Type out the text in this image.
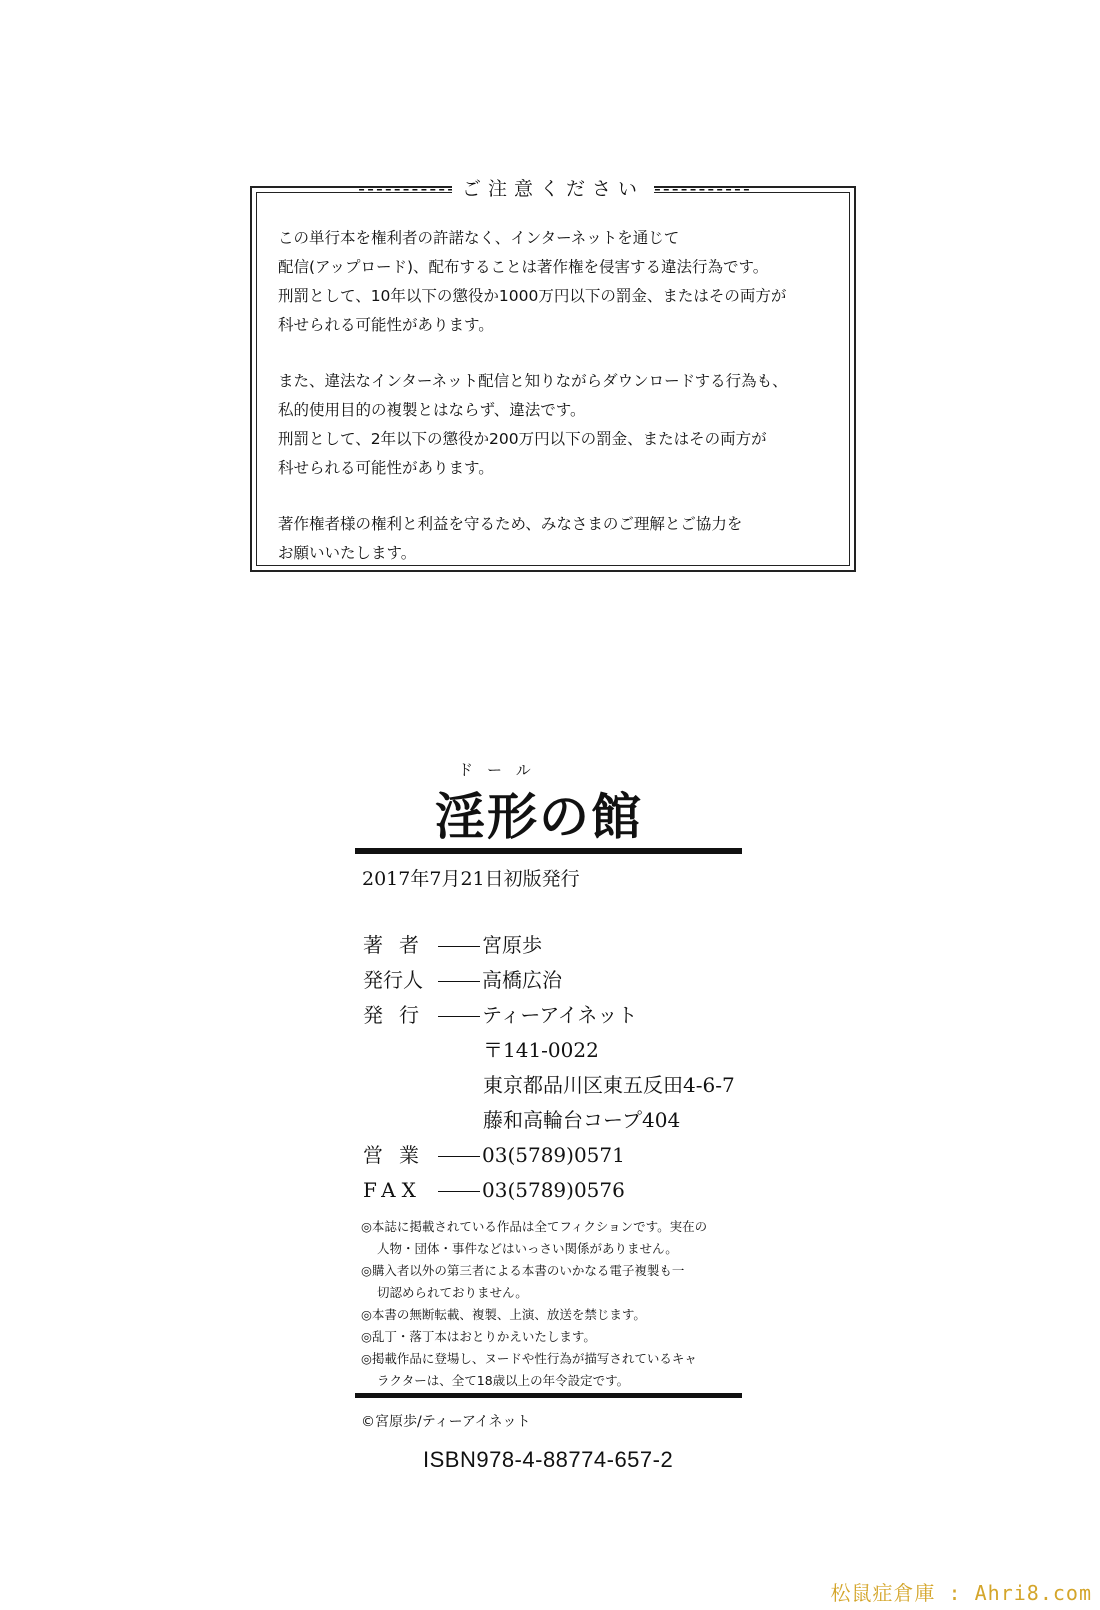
- - - - - - - - - - - ご注意ください - - - - - - - - - - -

この単行本を権利者の許諾なく、インターネットを通じて
配信(アップロード)、配布することは著作権を侵害する違法行為です。
刑罰として、10年以下の懲役か1000万円以下の罰金、またはその両方が
科せられる可能性があります。

また、違法なインターネット配信と知りながらダウンロードする行為も、
私的使用目的の複製とはならず、違法です。
刑罰として、2年以下の懲役か200万円以下の罰金、またはその両方が
科せられる可能性があります。

著作権者様の権利と利益を守るため、みなさまのご理解とご協力を
お願いいたします。

ドール
淫形の館
2017年7月21日初版発行
著者 宮原歩
発行人	高橋広治
発行 ティーアイネット
〒141-0022
東京都品川区東五反田4-6-7
藤和高輪台コープ404
営業 03(5789)0571
FAX	03(5789)0576
◎本誌に掲載されている作品は全てフィクションです。実在の
人物・団体・事件などはいっさい関係がありません。
◎購入者以外の第三者による本書のいかなる電子複製も一
切認められておりません。
◎本書の無断転載、複製、上演、放送を禁じます。
◎乱丁・落丁本はおとりかえいたします。
◎掲載作品に登場し、ヌードや性行為が描写されているキャ
ラクターは、全て18歳以上の年令設定です。
©宮原歩/ティーアイネット
ISBN978-4-88774-657-2
松鼠症倉庫 : Ahri8.com
